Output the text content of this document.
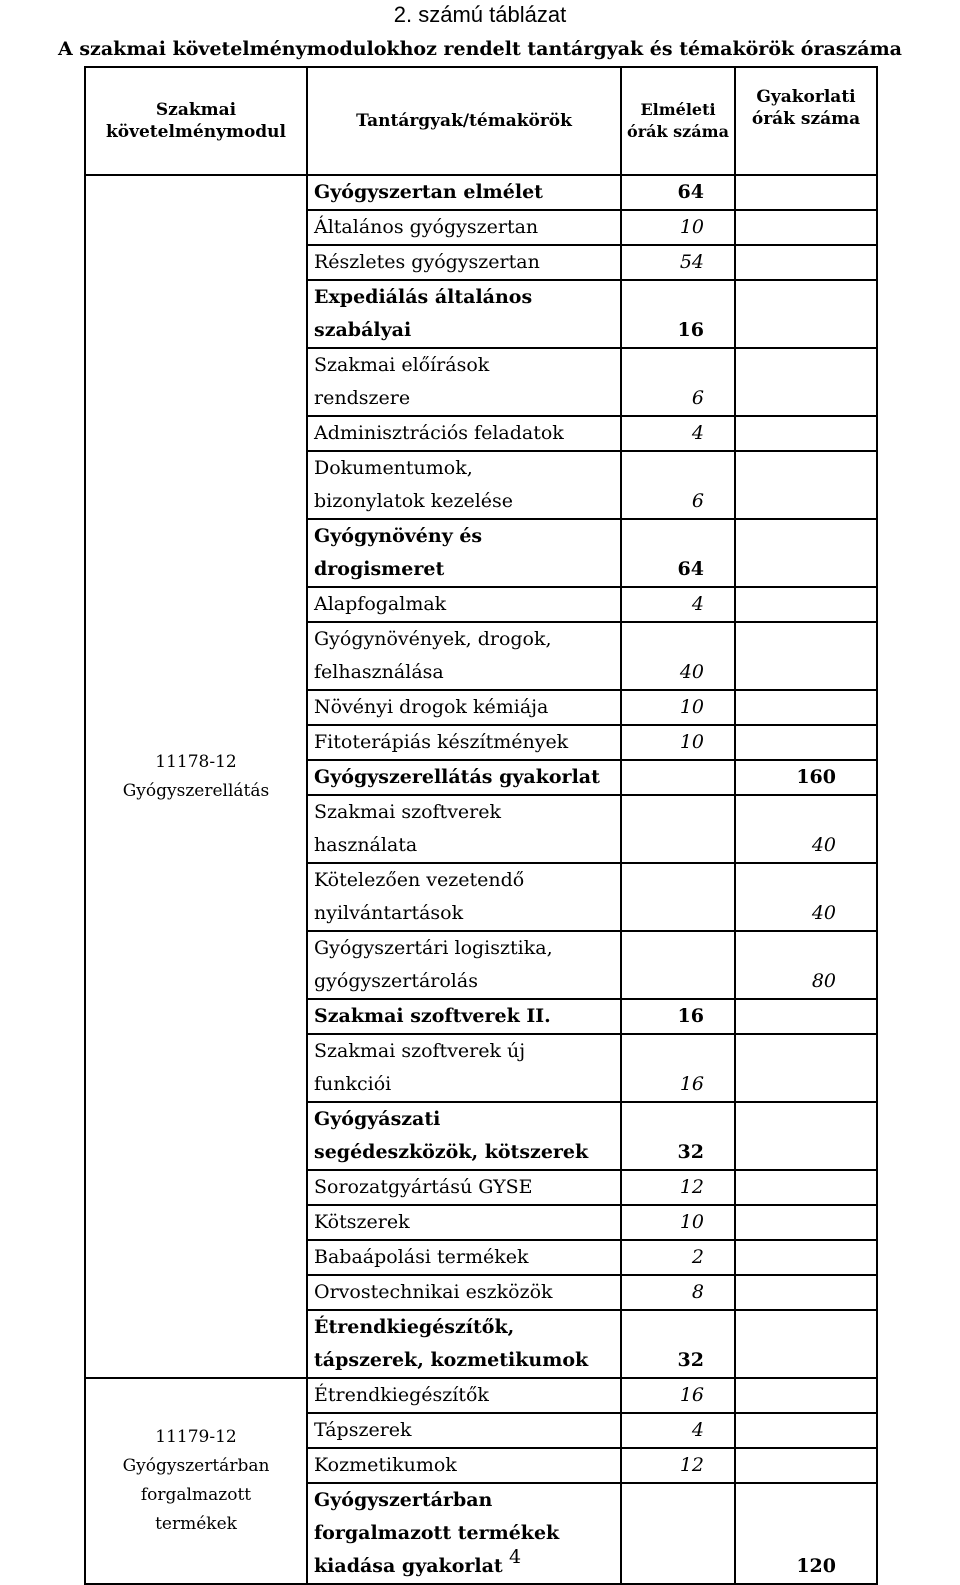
2. számú táblázat
A szakmai követelménymodulokhoz rendelt tantárgyak és témakörök óraszáma
Szakmai követelménymodul	Tantárgyak/témakörök	Elméleti órák száma	Gyakorlati órák száma

11178-12
Gyógyszerellátás	Gyógyszertan elmélet	64	
	Általános gyógyszertan	10	
	Részletes gyógyszertan	54	
	Expediálás általános
szabályai	16	
	Szakmai előírások
rendszere	6	
	Adminisztrációs feladatok	4	
	Dokumentumok,
bizonylatok kezelése	6	
	Gyógynövény és
drogismeret	64	
	Alapfogalmak	4	
	Gyógynövények, drogok,
felhasználása	40	
	Növényi drogok kémiája	10	
	Fitoterápiás készítmények	10	
	Gyógyszerellátás gyakorlat		160
	Szakmai szoftverek
használata		40
	Kötelezően vezetendő
nyilvántartások		40
	Gyógyszertári logisztika,
gyógyszertárolás		80
	Szakmai szoftverek II.	16	
	Szakmai szoftverek új
funkciói	16	
	Gyógyászati
segédeszközök, kötszerek	32	
	Sorozatgyártású GYSE	12	
	Kötszerek	10	
	Babaápolási termékek	2	
	Orvostechnikai eszközök	8	
	Étrendkiegészítők,
tápszerek, kozmetikumok	32	

11179-12
Gyógyszertárban forgalmazott termékek	Étrendkiegészítők	16	
	Tápszerek	4	
	Kozmetikumok	12	
	Gyógyszertárban
forgalmazott termékek
kiadása gyakorlat		120
4
